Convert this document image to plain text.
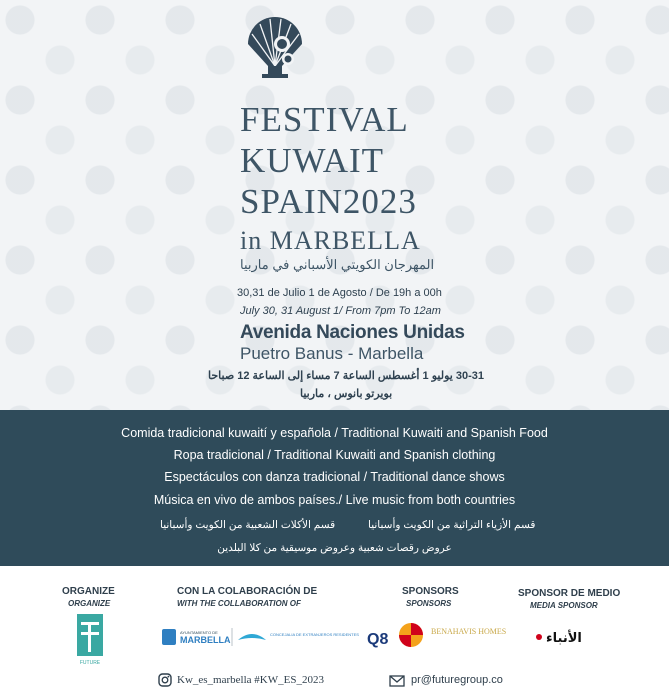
FESTIVAL
KUWAIT
SPAIN2023
in MARBELLA
المهرجان الكويتي الأسباني في ماربيا
30,31 de Julio 1 de Agosto / De 19h a 00h
July 30, 31 August 1/ From 7pm To 12am
Avenida Naciones Unidas
Puetro Banus - Marbella
30-31 يوليو 1 أغسطس الساعة 7 مساء إلى الساعة 12 صباحا
بويرتو بانوس ، ماربيا
Comida tradicional kuwaití y española / Traditional Kuwaiti and Spanish Food
Ropa tradicional / Traditional Kuwaiti and Spanish clothing
Espectáculos con danza tradicional / Traditional dance shows
Música en vivo de ambos países./ Live music from both countries
قسم الأكلات الشعبية من الكويت وأسبانيا	قسم الأزياء التراثية من الكويت وأسبانيا
عروض رقصات شعبية وعروض موسيقية من كلا البلدين
ORGANIZE
ORGANIZE
FUTURE
CON LA COLABORACIÓN DE
WITH THE COLLABORATION OF
AYUNTAMIENTO DE
MARBELLA
CONCEJALIA DE EXTRANJEROS RESIDENTES
SPONSORS
SPONSORS
Q8	BENAHAVIS HOMES
SPONSOR DE MEDIO
MEDIA SPONSOR
الأنباء
Kw_es_marbella #KW_ES_2023	pr@futuregroup.co
